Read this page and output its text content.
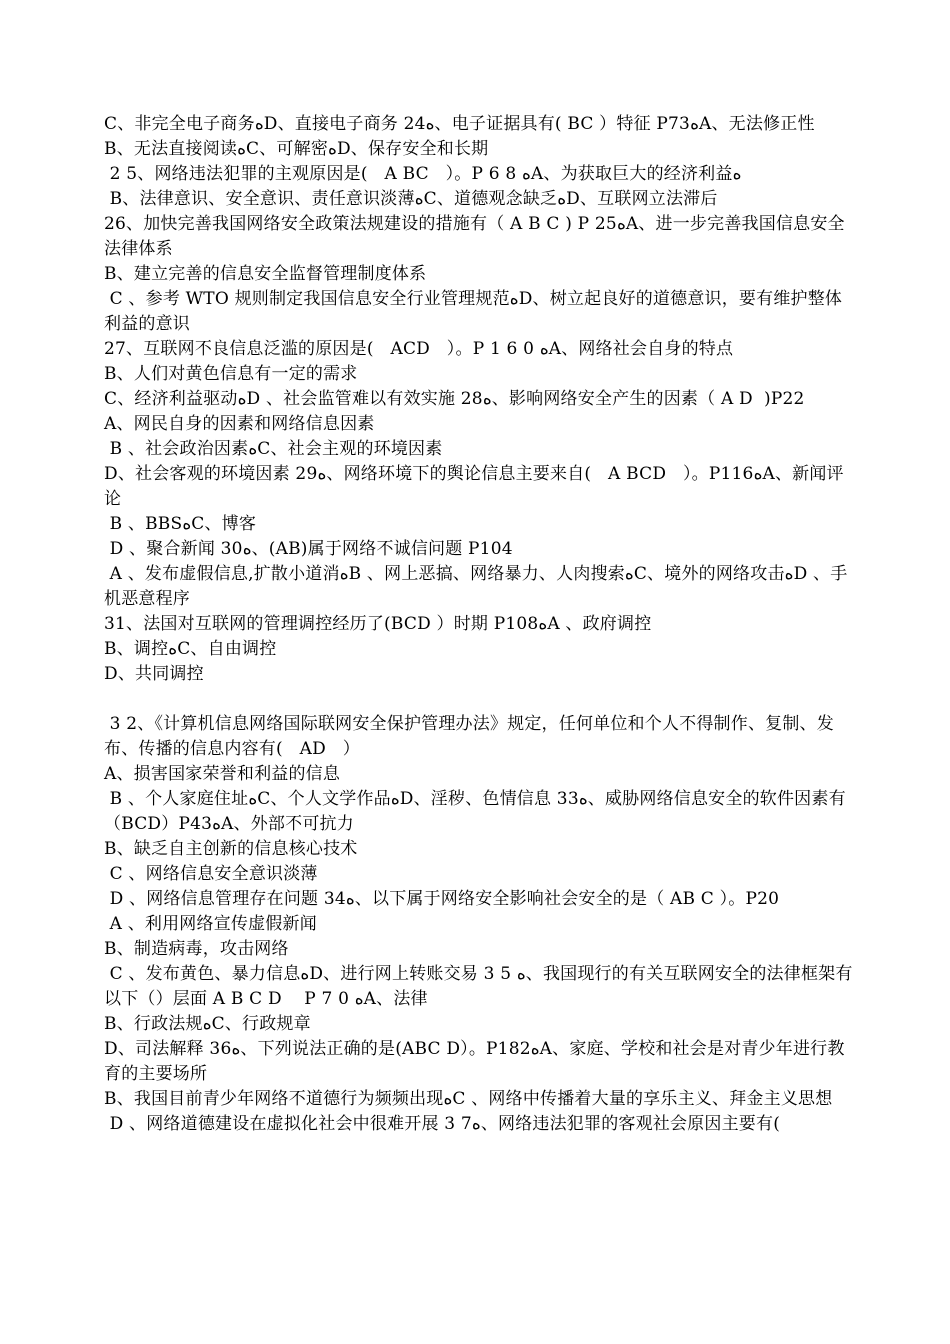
C、非完全电子商务ﻩD、直接电子商务 24ﻩ、电子证据具有( BC ）特征 P73ﻩA、无法修正性

B、无法直接阅读ﻩC、可解密ﻩD、保存安全和长期

2 5、网络违法犯罪的主观原因是(   A BC   ）。P 6 8 ﻩA、为获取巨大的经济利益ﻩ

B、法律意识、安全意识、责任意识淡薄ﻩC、道德观念缺乏ﻩD、互联网立法滞后

26、加快完善我国网络安全政策法规建设的措施有（ A B C ) P 25ﻩA、进一步完善我国信息安全法律体系

B、建立完善的信息安全监督管理制度体系

C 、参考 WTO 规则制定我国信息安全行业管理规范ﻩD、树立起良好的道德意识，要有维护整体利益的意识

27、互联网不良信息泛滥的原因是(   ACD   ）。P 1 6 0 ﻩA、网络社会自身的特点

B、人们对黄色信息有一定的需求

C、经济利益驱动ﻩD 、社会监管难以有效实施 28ﻩ、影响网络安全产生的因素（ A D  )P22

A、网民自身的因素和网络信息因素

B 、社会政治因素ﻩC、社会主观的环境因素

D、社会客观的环境因素 29ﻩ、网络环境下的舆论信息主要来自(   A BCD   ）。P116ﻩA、新闻评论

B 、BBSﻩC、博客

D 、聚合新闻 30ﻩ、(AB)属于网络不诚信问题 P104

A 、发布虚假信息,扩散小道消ﻩB 、网上恶搞、网络暴力、人肉搜索ﻩC、境外的网络攻击ﻩD 、手机恶意程序

31、法国对互联网的管理调控经历了(BCD ）时期 P108ﻩA 、政府调控

B、调控ﻩC、自由调控

D、共同调控

3 2、《计算机信息网络国际联网安全保护管理办法》规定，任何单位和个人不得制作、复制、发布、传播的信息内容有(   AD   ）

A、损害国家荣誉和利益的信息

B 、个人家庭住址ﻩC、个人文学作品ﻩD、淫秽、色情信息 33ﻩ、威胁网络信息安全的软件因素有（BCD）P43ﻩA、外部不可抗力

B、缺乏自主创新的信息核心技术

C 、网络信息安全意识淡薄

D 、网络信息管理存在问题 34ﻩ、以下属于网络安全影响社会安全的是（ AB C ）。P20

A 、利用网络宣传虚假新闻

B、制造病毒，攻击网络

C 、发布黄色、暴力信息ﻩD、进行网上转账交易 3 5 ﻩ、我国现行的有关互联网安全的法律框架有以下（）层面 A B C D    P 7 0 ﻩA、法律

B、行政法规ﻩC、行政规章

D、司法解释 36ﻩ、下列说法正确的是(ABC D）。P182ﻩA、家庭、学校和社会是对青少年进行教育的主要场所

B、我国目前青少年网络不道德行为频频出现ﻩC 、网络中传播着大量的享乐主义、拜金主义思想

D 、网络道德建设在虚拟化社会中很难开展 3 7ﻩ、网络违法犯罪的客观社会原因主要有(
